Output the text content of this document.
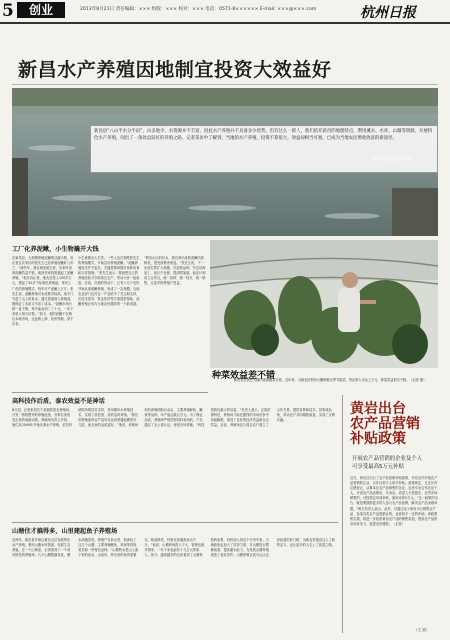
5	创业	2013年8月21日 责任编辑：××× 组版：××× 校对：××× 电话：0571-8×××××× E-mail: ×××@×××.com	杭州日报
新昌水产养殖因地制宜投资大效益好
新昌县“八山半水分半田”，山多地少，水资源并不丰富，因此水产养殖并不具备多少优势。但有这么一群人，他们依托新昌的地理特点，利用溪水、水库、山塘等资源，开展特色水产养殖，闯出了一条效益较好的养殖之路。记者采访中了解到，当地的水产养殖，投资不算很大，效益却相当可观，已成为当地农民增收致富的新途径。
工厂化养泥鳅，小生物撬开大钱
在新昌县，大规模养殖泥鳅的还属少数，但记者这次采访的张先生已经养殖泥鳅好几年了。“前些年，我在城里做生意，后来听说养泥鳅效益不错，就回老家投资搞起了泥鳅养殖。”他告诉记者，他先后投入100多万元，建起了30多个标准化养殖池，采用工厂化的养殖模式，每年可产泥鳅上万斤。张先生说，泥鳅养殖对水质要求较高，他专门引进了山上的泉水，通过管道流入养殖池，既保证了水质又节省了成本。“泥鳅市场行情一直不错，每斤能卖到二三十元，一年下来收入相当可观。”如今，他的泥鳅不仅销往本地市场，还远销上海、杭州等地，供不应求。
小生意做出大名堂。一些人也在观察张先生的养殖模式，开始尝试养殖泥鳅。“泥鳅养殖技术并不复杂，关键是要掌握好苗种培育和日常管理。”张先生表示，愿意把自己的养殖经验分享给周边农户，带动大家一起致富。目前，在他的带动下，已有十几户农民开始从事泥鳅养殖，形成了一定规模。当地农业部门也对这一产业给予了关注和支持，在技术指导、资金扶持等方面提供帮助，泥鳅养殖正成为当地农民增收的一个新渠道。
“利用山区的好水，我们养出来的泥鳅肉质鲜美，很受消费者欢迎。”张先生说，下一步他打算扩大规模，引进新品种，并尝试深加工，延长产业链，提高附加值。他还计划成立合作社，统一苗种、统一技术、统一销售，让更多的养殖户受益。
种菜效益差不错
新昌县农民在大棚内查看蔬菜长势。近年来，当地农民利用大棚种植反季节蔬菜，每亩收入可达上万元，种菜效益相当不错。（记者 摄）
高科技作后盾，泰农效益不是神话
8月初，记者来到位于某镇的泰农养殖场，只见一排排整齐的养殖池里，各种名贵鱼类正欢快地游动着。养殖场负责人介绍，他们从2009年开始从事水产养殖，依托科研院所的技术支持，采用循环水养殖技术，实现了高密度、高效益的养殖。“我们的养殖池每亩产量可以达到普通池塘的好几倍，而且鱼的品质更好。”他说，养殖场现有养殖面积百余亩，主要养殖鲈鱼、鳜鱼等品种，年产值达数百万元。为了保证品质，养殖场严格控制饲料和用药，产品通过了无公害认证，深受市场青睐。“科技是我们最大的后盾。”负责人表示，正是依靠科技，养殖场才能在激烈的市场竞争中站稳脚跟，取得了良好的经济效益和社会效益。目前，养殖场还与周边农户建立了合作关系，提供苗种和技术，回收成品鱼，带动农户共同增收致富，实现了互利共赢。
山塘住才搞得多，山里建起鱼子养殖场
近两年，新昌县开始注重在山区发展特色水产养殖，利用山塘水库资源，发展生态养殖。在一个山坳里，记者看到了一个别具特色的养殖场：几个山塘错落有致，塘水清澈见底。养殖户告诉记者，他承包了这几个山塘，主要养殖鲤鱼、草鱼等常规鱼类和一些特色品种。“山塘的水是山上流下来的泉水，水质好，养出来的鱼肉质紧实，味道鲜美，价格比普通鱼高出不少。”他说，山塘养鱼投入不大，管理也相对简单，一年下来也能有十几万元的收入。如今，越来越多的农民看到了山塘养鱼的前景，纷纷加入到这个行列中来。当地政府也加大了扶持力度，对山塘进行整修改造，提高蓄水能力，为发展山塘养殖创造了良好条件。山塘养殖正成为山区农民致富的好门路，为新农村建设注入了新的活力，也让更多的人走上了致富之路。
黄岩出台
农产品营销
补贴政策
开展农产品营销的企业及个人
可享受最高5万元补贴
近日，黄岩区出台了农产品营销补贴政策，对在区内开展农产品营销的企业、合作社和个人给予补贴。政策规定，凡在区内注册登记，从事本区农产品销售的企业、农民专业合作社及个人，开设农产品直销店、专卖店，或进入大型超市、农贸市场销售的，可按规定申请补贴，最高可获5万元。“这一政策的出台，就是要鼓励更多的人参与农产品营销，解决农产品卖难问题。”相关负责人表示。此外，对通过电子商务平台销售农产品、参加各类农产品展销会的，也将给予一定的补助。该政策的实施，将进一步拓宽黄岩农产品的销售渠道，提高农产品的市场竞争力，促进农民增收。（记者）
（王 波）
